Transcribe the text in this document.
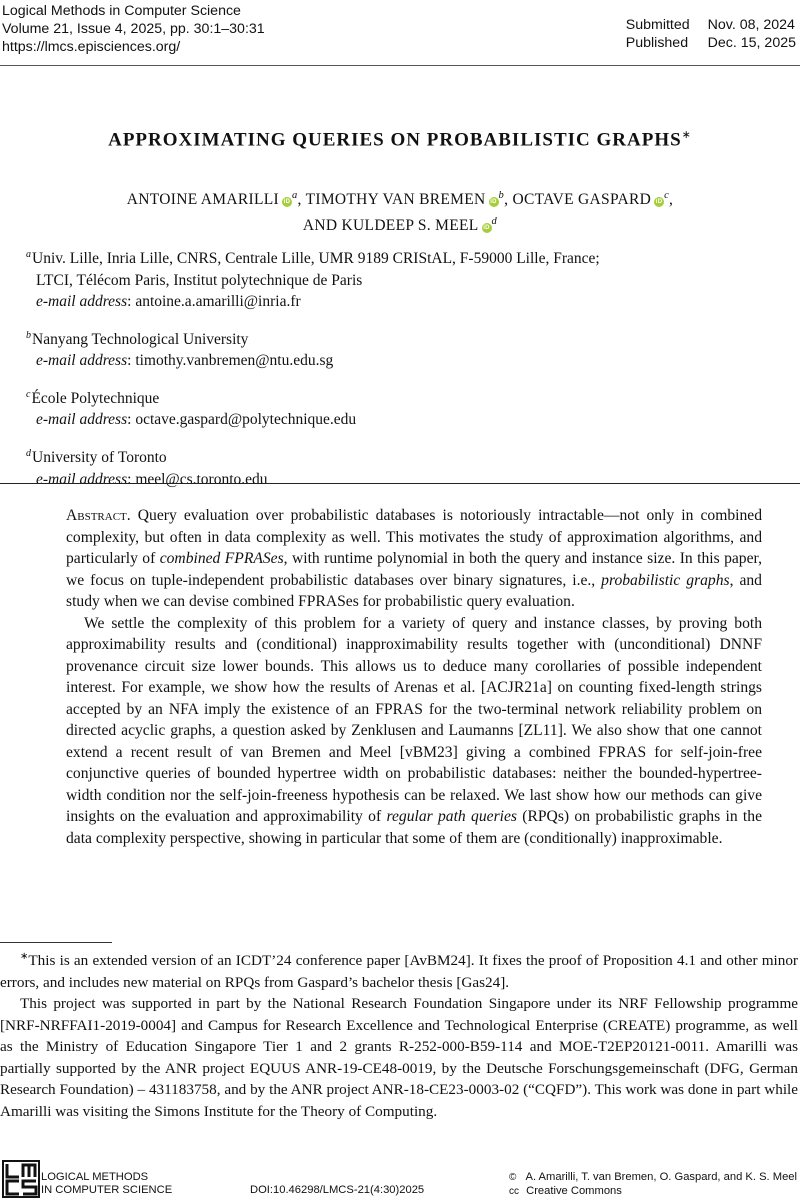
Logical Methods in Computer Science
Volume 21, Issue 4, 2025, pp. 30:1–30:31
https://lmcs.episciences.org/
Submitted	Nov. 08, 2024
Published	Dec. 15, 2025
APPROXIMATING QUERIES ON PROBABILISTIC GRAPHS∗
ANTOINE AMARILLI $iD^a$, TIMOTHY VAN BREMEN $iD^b$, OCTAVE GASPARD $iD^c$,
AND KULDEEP S. MEEL $iD^d$
$^a$Univ. Lille, Inria Lille, CNRS, Centrale Lille, UMR 9189 CRIStAL, F-59000 Lille, France;
LTCI, Télécom Paris, Institut polytechnique de Paris
e-mail address: antoine.a.amarilli@inria.fr
$^b$Nanyang Technological University
e-mail address: timothy.vanbremen@ntu.edu.sg
$^c$École Polytechnique
e-mail address: octave.gaspard@polytechnique.edu
$^d$University of Toronto
e-mail address: meel@cs.toronto.edu

Abstract. Query evaluation over probabilistic databases is notoriously intractable—not only in combined complexity, but often in data complexity as well. This motivates the study of approximation algorithms, and particularly of combined FPRASes, with runtime polynomial in both the query and instance size. In this paper, we focus on tuple-independent probabilistic databases over binary signatures, i.e., probabilistic graphs, and study when we can devise combined FPRASes for probabilistic query evaluation.

We settle the complexity of this problem for a variety of query and instance classes, by proving both approximability results and (conditional) inapproximability results together with (unconditional) DNNF provenance circuit size lower bounds. This allows us to deduce many corollaries of possible independent interest. For example, we show how the results of Arenas et al. [ACJR21a] on counting fixed-length strings accepted by an NFA imply the existence of an FPRAS for the two-terminal network reliability problem on directed acyclic graphs, a question asked by Zenklusen and Laumanns [ZL11]. We also show that one cannot extend a recent result of van Bremen and Meel [vBM23] giving a combined FPRAS for self-join-free conjunctive queries of bounded hypertree width on probabilistic databases: neither the bounded-hypertree-width condition nor the self-join-freeness hypothesis can be relaxed. We last show how our methods can give insights on the evaluation and approximability of regular path queries (RPQs) on probabilistic graphs in the data complexity perspective, showing in particular that some of them are (conditionally) inapproximable.

∗This is an extended version of an ICDT’24 conference paper [AvBM24]. It fixes the proof of Proposition 4.1 and other minor errors, and includes new material on RPQs from Gaspard’s bachelor thesis [Gas24].

This project was supported in part by the National Research Foundation Singapore under its NRF Fellowship programme [NRF-NRFFAI1-2019-0004] and Campus for Research Excellence and Technological Enterprise (CREATE) programme, as well as the Ministry of Education Singapore Tier 1 and 2 grants R-252-000-B59-114 and MOE-T2EP20121-0011. Amarilli was partially supported by the ANR project EQUUS ANR-19-CE48-0019, by the Deutsche Forschungsgemeinschaft (DFG, German Research Foundation) – 431183758, and by the ANR project ANR-18-CE23-0003-02 (“CQFD”). This work was done in part while Amarilli was visiting the Simons Institute for the Theory of Computing.

LOGICAL METHODS
IN COMPUTER SCIENCE	DOI:10.46298/LMCS-21(4:30)2025
© A. Amarilli, T. van Bremen, O. Gaspard, and K. S. Meel
cc Creative Commons
